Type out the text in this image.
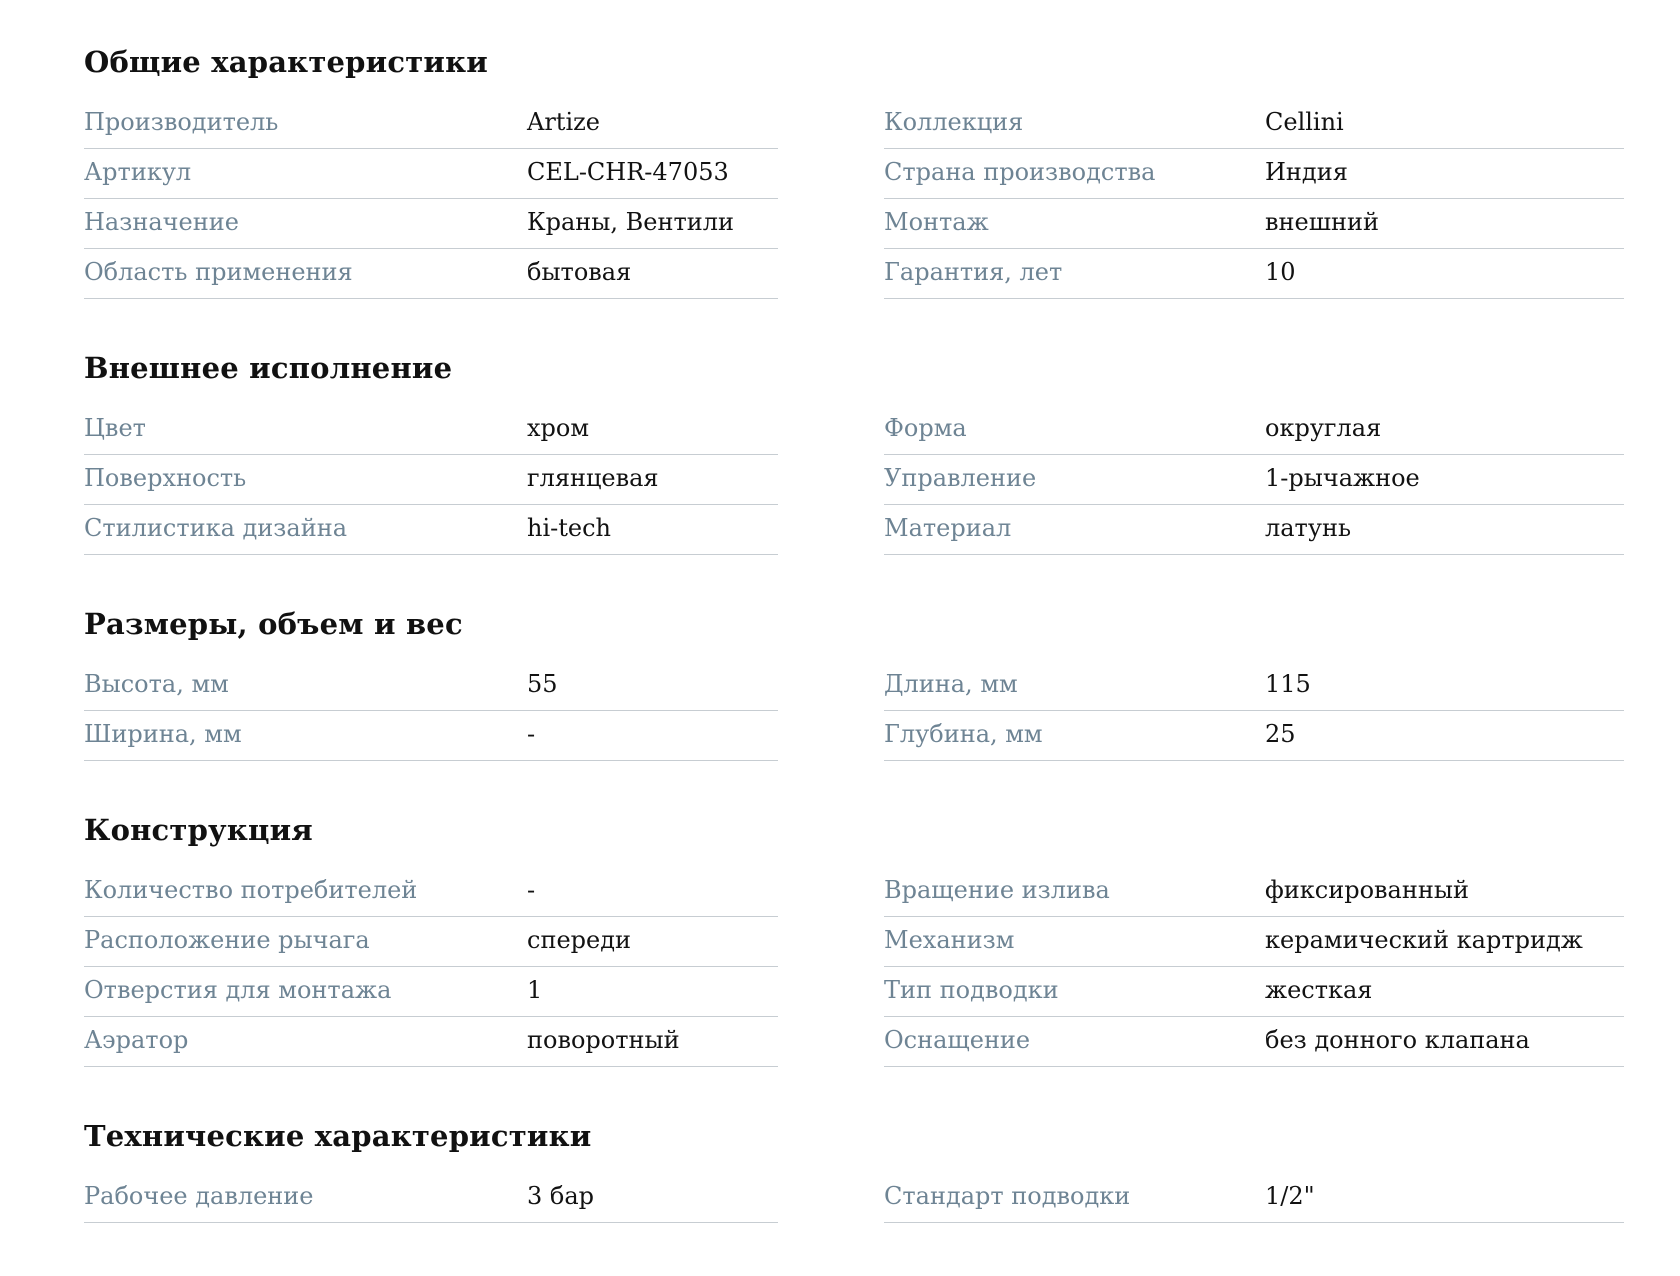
Общие характеристики
Производитель	Artize
Артикул	CEL-CHR-47053
Назначение	Краны, Вентили
Область применения	бытовая
Коллекция	Cellini
Страна производства	Индия
Монтаж	внешний
Гарантия, лет	10
Внешнее исполнение
Цвет	хром
Поверхность	глянцевая
Стилистика дизайна	hi-tech
Форма	округлая
Управление	1-рычажное
Материал	латунь
Размеры, объем и вес
Высота, мм	55
Ширина, мм	-
Длина, мм	115
Глубина, мм	25
Конструкция
Количество потребителей	-
Расположение рычага	спереди
Отверстия для монтажа	1
Аэратор	поворотный
Вращение излива	фиксированный
Механизм	керамический картридж
Тип подводки	жесткая
Оснащение	без донного клапана
Технические характеристики
Рабочее давление	3 бар	Стандарт подводки	1/2"
